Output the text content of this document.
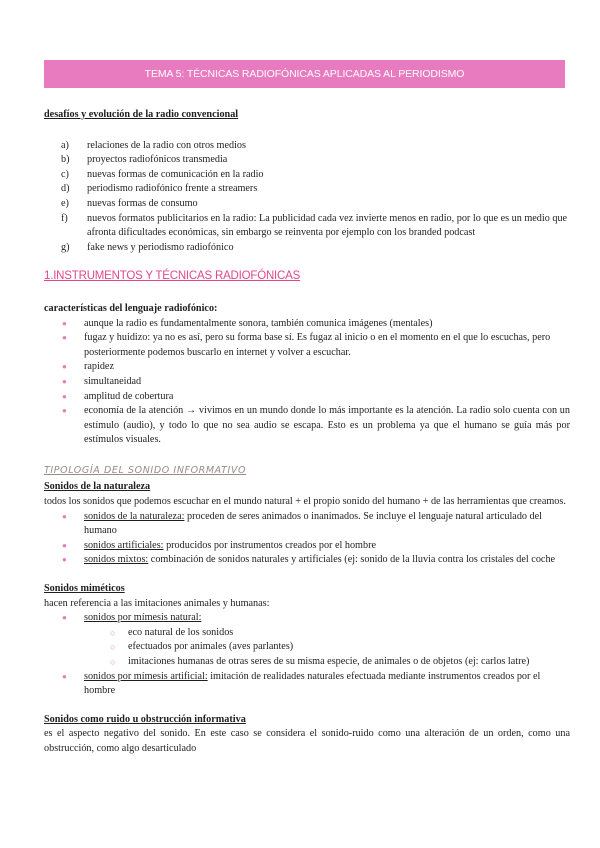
TEMA 5: TÉCNICAS RADIOFÓNICAS APLICADAS AL PERIODISMO
desafíos y evolución de la radio convencional
a)	relaciones de la radio con otros medios
b)	proyectos radiofónicos transmedia
c)	nuevas formas de comunicación en la radio
d)	periodismo radiofónico frente a streamers
e)	nuevas formas de consumo
f)	nuevos formatos publicitarios en la radio: La publicidad cada vez invierte menos en radio, por lo que es un medio que afronta dificultades económicas, sin embargo se reinventa por ejemplo con los branded podcast
g)	fake news y periodismo radiofónico
1.INSTRUMENTOS Y TÉCNICAS RADIOFÓNICAS
características del lenguaje radiofónico:
●	aunque la radio es fundamentalmente sonora, también comunica imágenes (mentales)
●	fugaz y huidizo: ya no es así, pero su forma base sí. Es fugaz al inicio o en el momento en el que lo escuchas, pero posteriormente podemos buscarlo en internet y volver a escuchar.
●	rapidez
●	simultaneidad
●	amplitud de cobertura
●	economía de la atención → vivimos en un mundo donde lo más importante es la atención. La radio solo cuenta con un estímulo (audio), y todo lo que no sea audio se escapa. Esto es un problema ya que el humano se guía más por estímulos visuales.
TIPOLOGÍA DEL SONIDO INFORMATIVO
Sonidos de la naturaleza
todos los sonidos que podemos escuchar en el mundo natural + el propio sonido del humano + de las herramientas que creamos.
●	sonidos de la naturaleza: proceden de seres animados o inanimados. Se incluye el lenguaje natural articulado del humano
●	sonidos artificiales: producidos por instrumentos creados por el hombre
●	sonidos mixtos: combinación de sonidos naturales y artificiales (ej: sonido de la lluvia contra los cristales del coche
Sonidos miméticos
hacen referencia a las imitaciones animales y humanas:
●	sonidos por mímesis natural:
○	eco natural de los sonidos
○	efectuados por animales (aves parlantes)
○	imitaciones humanas de otras seres de su misma especie, de animales o de objetos (ej: carlos latre)
●	sonidos por mímesis artificial: imitación de realidades naturales efectuada mediante instrumentos creados por el hombre
Sonidos como ruido u obstrucción informativa
es el aspecto negativo del sonido. En este caso se considera el sonido-ruido como una alteración de un orden, como una obstrucción, como algo desarticulado
